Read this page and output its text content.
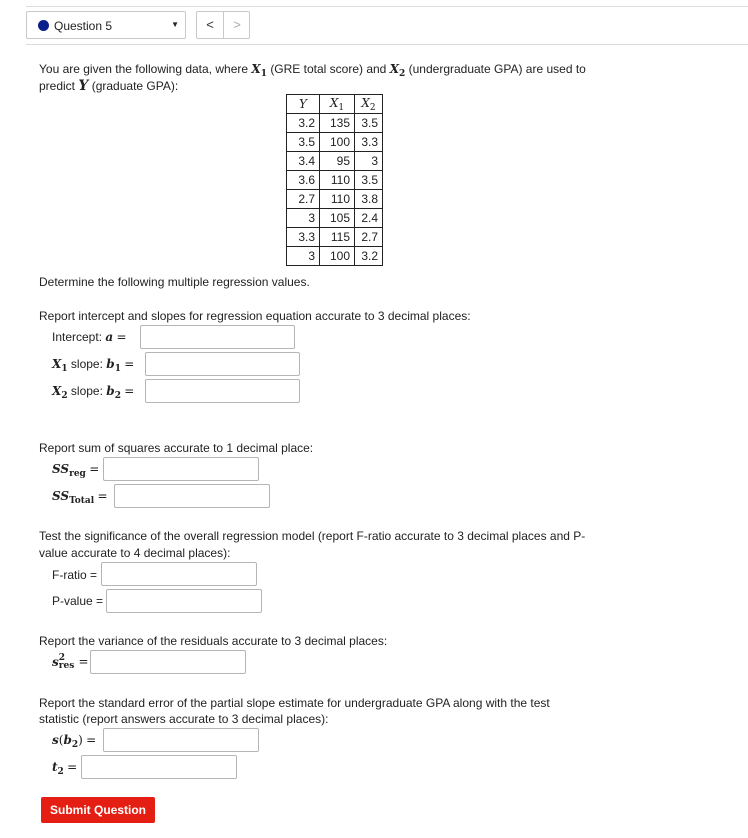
Question 5	▼	<	>
You are given the following data, where $X_1$ (GRE total score) and $X_2$ (undergraduate GPA) are used to
predict Y (graduate GPA):
Y	$X_1$	$X_2$
3.2	135	3.5
3.5	100	3.3
3.4	95	3
3.6	110	3.5
2.7	110	3.8
3	105	2.4
3.3	115	2.7
3	100	3.2
Determine the following multiple regression values.
Report intercept and slopes for regression equation accurate to 3 decimal places:
Intercept: a =
$X_1$ slope: $b_1$ =
$X_2$ slope: $b_2$ =
Report sum of squares accurate to 1 decimal place:
$SS_{reg}$ =
$SS_{Total}$ =
Test the significance of the overall regression model (report F-ratio accurate to 3 decimal places and P-
value accurate to 4 decimal places):
F-ratio =
P-value =
Report the variance of the residuals accurate to 3 decimal places:
s 2
res =
Report the standard error of the partial slope estimate for undergraduate GPA along with the test
statistic (report answers accurate to 3 decimal places):
$s(b_2)$ =
$t_2$ =
Submit Question
